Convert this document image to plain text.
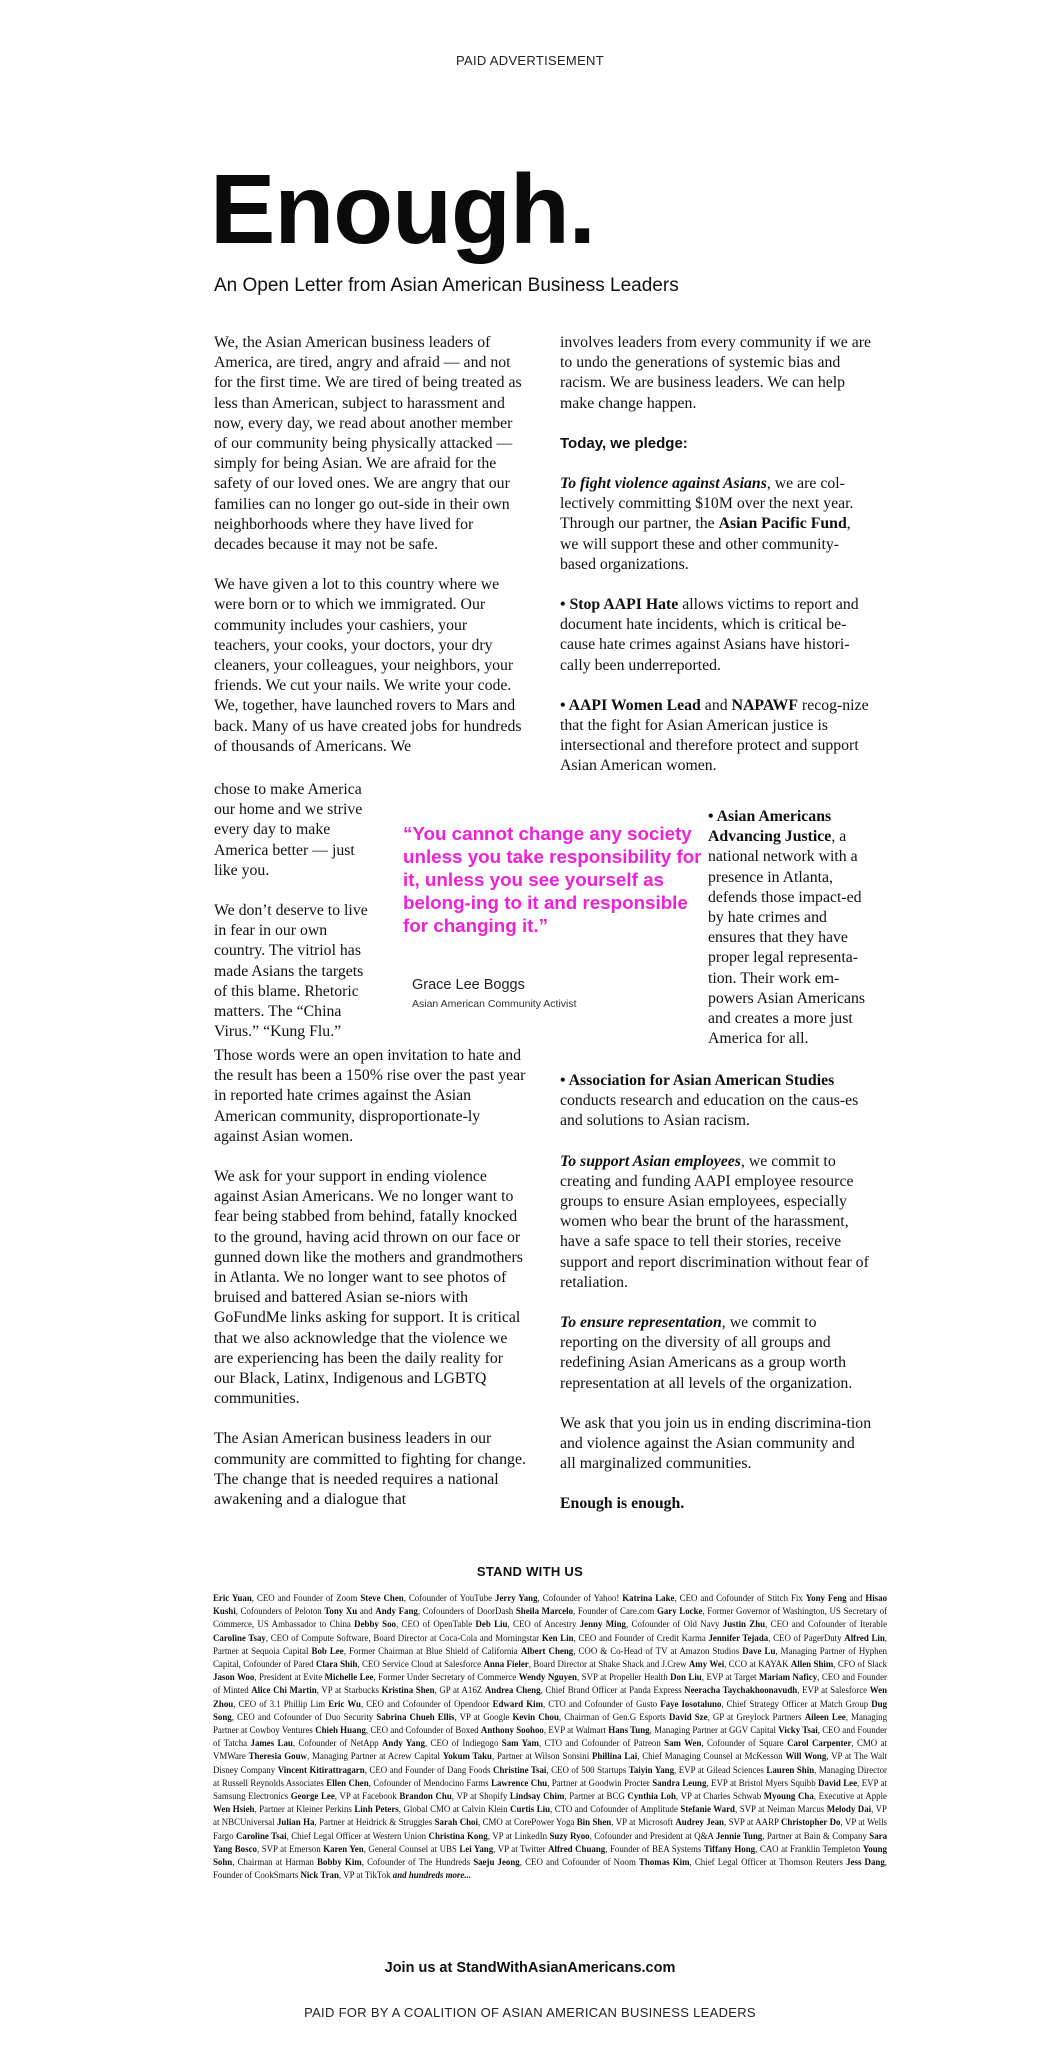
PAID ADVERTISEMENT
Enough.
An Open Letter from Asian American Business Leaders

We, the Asian American business leaders of America, are tired, angry and afraid — and not for the first time. We are tired of being treated as less than American, subject to harassment and now, every day, we read about another member of our community being physically attacked — simply for being Asian. We are afraid for the safety of our loved ones. We are angry that our families can no longer go out-side in their own neighborhoods where they have lived for decades because it may not be safe.

We have given a lot to this country where we were born or to which we immigrated. Our community includes your cashiers, your teachers, your cooks, your doctors, your dry cleaners, your colleagues, your neighbors, your friends. We cut your nails. We write your code. We, together, have launched rovers to Mars and back. Many of us have created jobs for hundreds of thousands of Americans. We

chose to make America our home and we strive every day to make America better — just like you.

We don’t deserve to live in fear in our own country. The vitriol has made Asians the targets of this blame. Rhetoric matters. The “China Virus.” “Kung Flu.”

Those words were an open invitation to hate and the result has been a 150% rise over the past year in reported hate crimes against the Asian American community, disproportionate-ly against Asian women.

We ask for your support in ending violence against Asian Americans. We no longer want to fear being stabbed from behind, fatally knocked to the ground, having acid thrown on our face or gunned down like the mothers and grandmothers in Atlanta. We no longer want to see photos of bruised and battered Asian se-niors with GoFundMe links asking for support. It is critical that we also acknowledge that the violence we are experiencing has been the daily reality for our Black, Latinx, Indigenous and LGBTQ communities.

The Asian American business leaders in our community are committed to fighting for change. The change that is needed requires a national awakening and a dialogue that

“You cannot change any society unless you take responsibility for it, unless you see yourself as belong-ing to it and responsible for changing it.”
Grace Lee Boggs
Asian American Community Activist

involves leaders from every community if we are to undo the generations of systemic bias and racism. We are business leaders. We can help make change happen.

Today, we pledge:

To fight violence against Asians, we are col-lectively committing $10M over the next year. Through our partner, the Asian Pacific Fund, we will support these and other community-based organizations.

• Stop AAPI Hate allows victims to report and document hate incidents, which is critical be-cause hate crimes against Asians have histori-cally been underreported.

• AAPI Women Lead and NAPAWF recog-nize that the fight for Asian American justice is intersectional and therefore protect and support Asian American women.

• Asian Americans Advancing Justice, a national network with a presence in Atlanta, defends those impact-ed by hate crimes and ensures that they have proper legal representa-tion. Their work em-powers Asian Americans and creates a more just America for all.

• Association for Asian American Studies conducts research and education on the caus-es and solutions to Asian racism.

To support Asian employees, we commit to creating and funding AAPI employee resource groups to ensure Asian employees, especially women who bear the brunt of the harassment, have a safe space to tell their stories, receive support and report discrimination without fear of retaliation.

To ensure representation, we commit to reporting on the diversity of all groups and redefining Asian Americans as a group worth representation at all levels of the organization.

We ask that you join us in ending discrimina-tion and violence against the Asian community and all marginalized communities.

Enough is enough.

STAND WITH US
Eric Yuan, CEO and Founder of Zoom Steve Chen, Cofounder of YouTube Jerry Yang, Cofounder of Yahoo! Katrina Lake, CEO and Cofounder of Stitch Fix Yony Feng and Hisao Kushi, Cofounders of Peloton Tony Xu and Andy Fang, Cofounders of DoorDash Sheila Marcelo, Founder of Care.com Gary Locke, Former Governor of Washington, US Secretary of Commerce, US Ambassador to China Debby Soo, CEO of OpenTable Deb Liu, CEO of Ancestry Jenny Ming, Cofounder of Old Navy Justin Zhu, CEO and Cofounder of Iterable Caroline Tsay, CEO of Compute Software, Board Director at Coca-Cola and Morningstar Ken Lin, CEO and Founder of Credit Karma Jennifer Tejada, CEO of PagerDuty Alfred Lin, Partner at Sequoia Capital Bob Lee, Former Chairman at Blue Shield of California Albert Cheng, COO & Co-Head of TV at Amazon Studios Dave Lu, Managing Partner of Hyphen Capital, Cofounder of Pared Clara Shih, CEO Service Cloud at Salesforce Anna Fieler, Board Director at Shake Shack and J.Crew Amy Wei, CCO at KAYAK Allen Shim, CFO of Slack Jason Woo, President at Evite Michelle Lee, Former Under Secretary of Commerce Wendy Nguyen, SVP at Propeller Health Don Liu, EVP at Target Mariam Naficy, CEO and Founder of Minted Alice Chi Martin, VP at Starbucks Kristina Shen, GP at A16Z Andrea Cheng, Chief Brand Officer at Panda Express Neeracha Taychakhoonavudh, EVP at Salesforce Wen Zhou, CEO of 3.1 Phillip Lim Eric Wu, CEO and Cofounder of Opendoor Edward Kim, CTO and Cofounder of Gusto Faye Iosotaluno, Chief Strategy Officer at Match Group Dug Song, CEO and Cofounder of Duo Security Sabrina Chueh Ellis, VP at Google Kevin Chou, Chairman of Gen.G Esports David Sze, GP at Greylock Partners Aileen Lee, Managing Partner at Cowboy Ventures Chieh Huang, CEO and Cofounder of Boxed Anthony Soohoo, EVP at Walmart Hans Tung, Managing Partner at GGV Capital Vicky Tsai, CEO and Founder of Tatcha James Lau, Cofounder of NetApp Andy Yang, CEO of Indiegogo Sam Yam, CTO and Cofounder of Patreon Sam Wen, Cofounder of Square Carol Carpenter, CMO at VMWare Theresia Gouw, Managing Partner at Acrew Capital Yokum Taku, Partner at Wilson Sonsini Phillina Lai, Chief Managing Counsel at McKesson Will Wong, VP at The Walt Disney Company Vincent Kitirattragarn, CEO and Founder of Dang Foods Christine Tsai, CEO of 500 Startups Taiyin Yang, EVP at Gilead Sciences Lauren Shin, Managing Director at Russell Reynolds Associates Ellen Chen, Cofounder of Mendocino Farms Lawrence Chu, Partner at Goodwin Procter Sandra Leung, EVP at Bristol Myers Squibb David Lee, EVP at Samsung Electronics George Lee, VP at Facebook Brandon Chu, VP at Shopify Lindsay Chim, Partner at BCG Cynthia Loh, VP at Charles Schwab Myoung Cha, Executive at Apple Wen Hsieh, Partner at Kleiner Perkins Linh Peters, Global CMO at Calvin Klein Curtis Liu, CTO and Cofounder of Amplitude Stefanie Ward, SVP at Neiman Marcus Melody Dai, VP at NBCUniversal Julian Ha, Partner at Heidrick & Struggles Sarah Choi, CMO at CorePower Yoga Bin Shen, VP at Microsoft Audrey Jean, SVP at AARP Christopher Do, VP at Wells Fargo Caroline Tsai, Chief Legal Officer at Western Union Christina Kong, VP at LinkedIn Suzy Ryoo, Cofounder and President at Q&A Jennie Tung, Partner at Bain & Company Sara Yang Bosco, SVP at Emerson Karen Yen, General Counsel at UBS Lei Yang, VP at Twitter Alfred Chuang, Founder of BEA Systems Tiffany Hong, CAO at Franklin Templeton Young Sohn, Chairman at Harman Bobby Kim, Cofounder of The Hundreds Saeju Jeong, CEO and Cofounder of Noom Thomas Kim, Chief Legal Officer at Thomson Reuters Jess Dang, Founder of CookSmarts Nick Tran, VP at TikTok and hundreds more...
Join us at StandWithAsianAmericans.com
PAID FOR BY A COALITION OF ASIAN AMERICAN BUSINESS LEADERS
